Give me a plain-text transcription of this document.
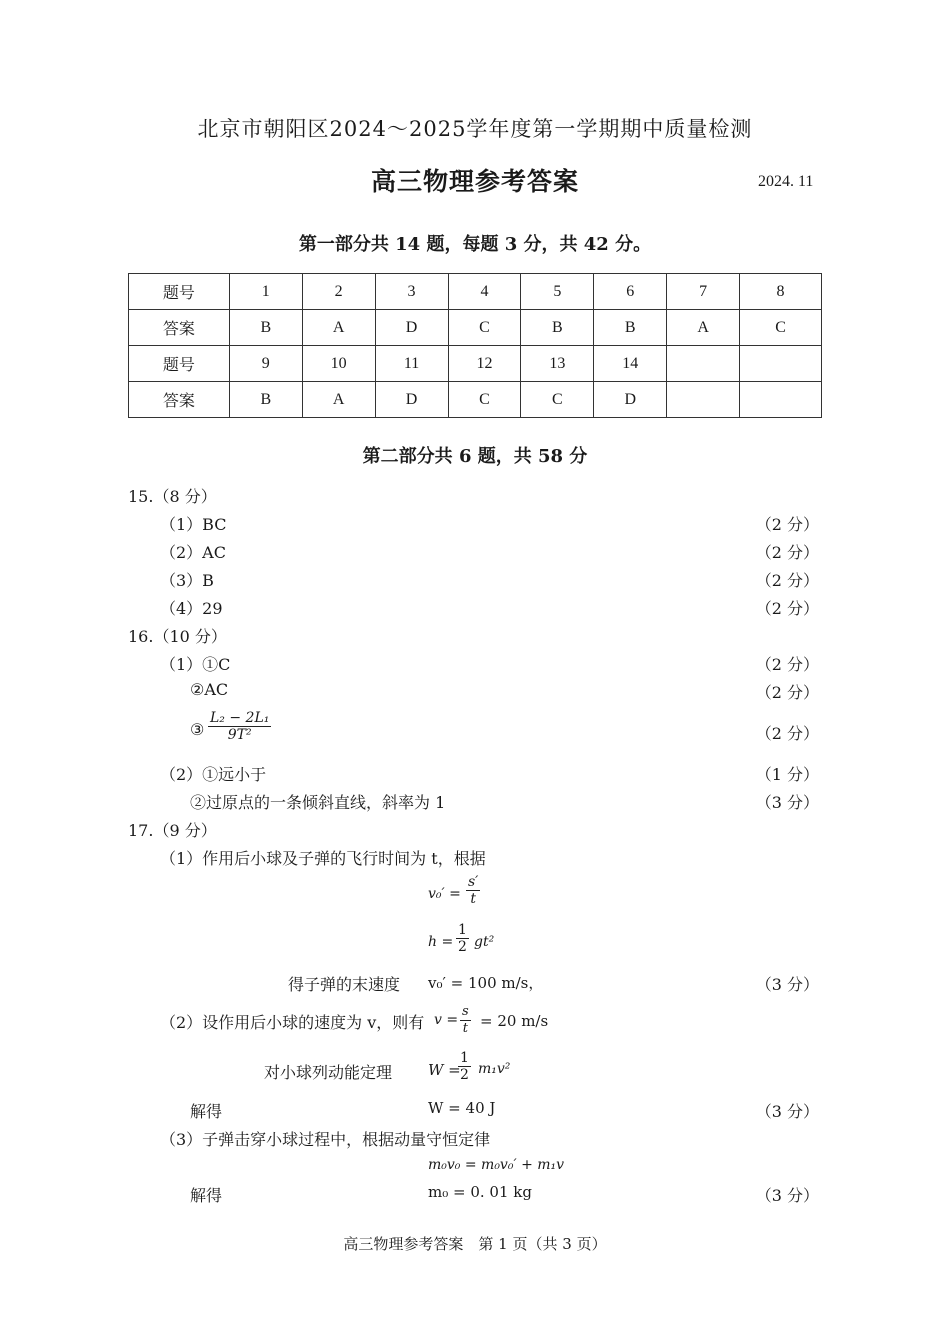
北京市朝阳区2024～2025学年度第一学期期中质量检测
高三物理参考答案	2024. 11
第一部分共 14 题，每题 3 分，共 42 分。
题号	1	2	3	4	5	6	7	8
答案	B	A	D	C	B	B	A	C
题号	9	10	11	12	13	14		
答案	B	A	D	C	C	D		
第二部分共 6 题，共 58 分
15.（8 分）
（1）BC	（2 分）
（2）AC	（2 分）
（3）B	（2 分）
（4）29	（2 分）
16.（10 分）
（1）①C	（2 分）
②AC	（2 分）
③ $\frac{\text{L₂ − 2L₁}}{\text{9T²}}$	（2 分）
（2）①远小于	（1 分）
②过原点的一条倾斜直线，斜率为 1	（3 分）
17.（9 分）
（1）作用后小球及子弹的飞行时间为 t，根据
$v_0' = \frac{s'}{t}$
$h = \frac{1}{2} gt^2$
得子弹的末速度 v₀′ = 100 m/s，	（3 分）
（2）设作用后小球的速度为 v，则有 $v = \frac{s}{t} = 20$ m/s
对小球列动能定理 W =
$\frac{1}{2} m_1v^2$
解得	W = 40 J	（3 分）
（3）子弹击穿小球过程中，根据动量守恒定律
m₀v₀ = m₀v₀′ + m₁v
解得	m₀ = 0. 01 kg	（3 分）
高三物理参考答案　第 1 页（共 3 页）
